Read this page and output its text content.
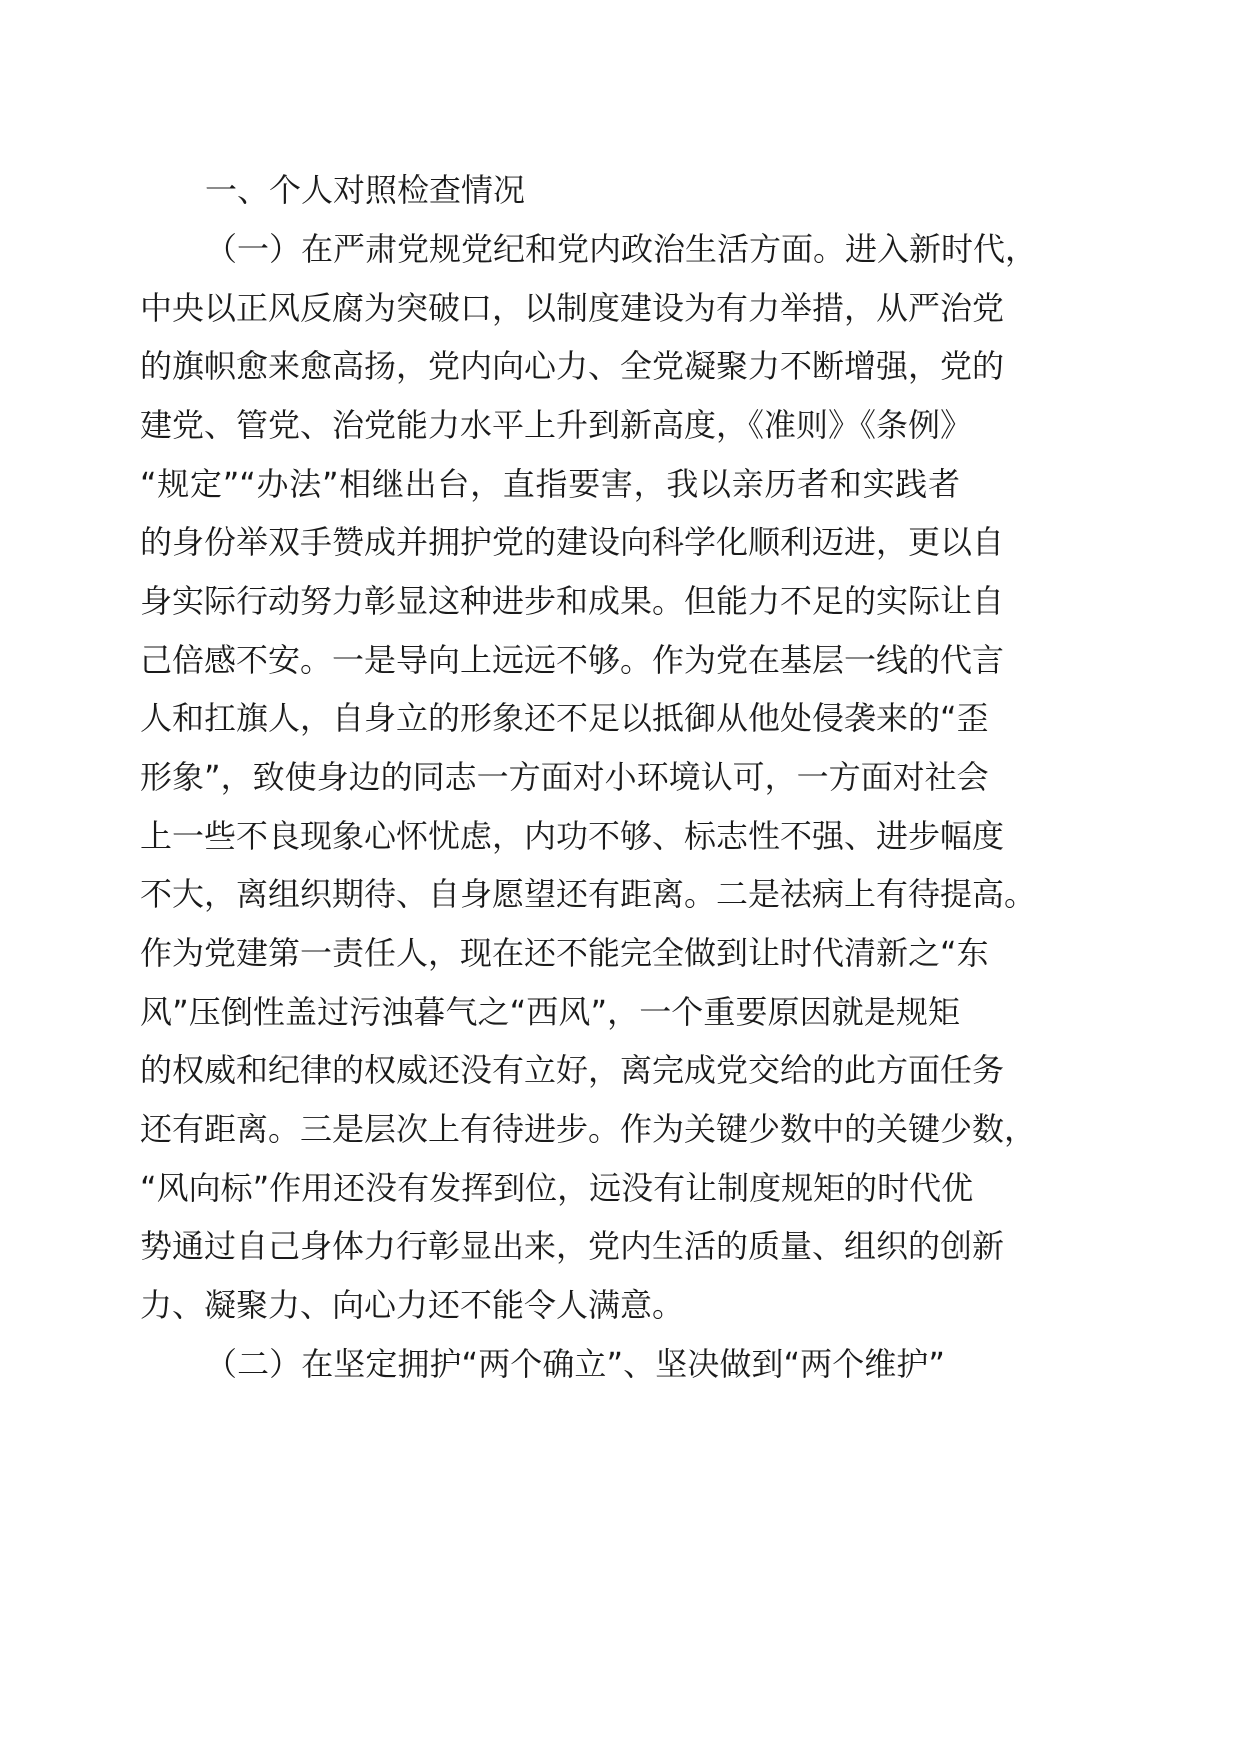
一、个人对照检查情况
（一）在严肃党规党纪和党内政治生活方面。进入新时代，
中央以正风反腐为突破口，以制度建设为有力举措，从严治党
的旗帜愈来愈高扬，党内向心力、全党凝聚力不断增强，党的
建党、管党、治党能力水平上升到新高度，《准则》《条例》
“规定”“办法”相继出台，直指要害，我以亲历者和实践者
的身份举双手赞成并拥护党的建设向科学化顺利迈进，更以自
身实际行动努力彰显这种进步和成果。但能力不足的实际让自
己倍感不安。一是导向上远远不够。作为党在基层一线的代言
人和扛旗人，自身立的形象还不足以抵御从他处侵袭来的“歪
形象”，致使身边的同志一方面对小环境认可，一方面对社会
上一些不良现象心怀忧虑，内功不够、标志性不强、进步幅度
不大，离组织期待、自身愿望还有距离。二是祛病上有待提高。
作为党建第一责任人，现在还不能完全做到让时代清新之“东
风”压倒性盖过污浊暮气之“西风”，一个重要原因就是规矩
的权威和纪律的权威还没有立好，离完成党交给的此方面任务
还有距离。三是层次上有待进步。作为关键少数中的关键少数，
“风向标”作用还没有发挥到位，远没有让制度规矩的时代优
势通过自己身体力行彰显出来，党内生活的质量、组织的创新
力、凝聚力、向心力还不能令人满意。
（二）在坚定拥护“两个确立”、坚决做到“两个维护”
